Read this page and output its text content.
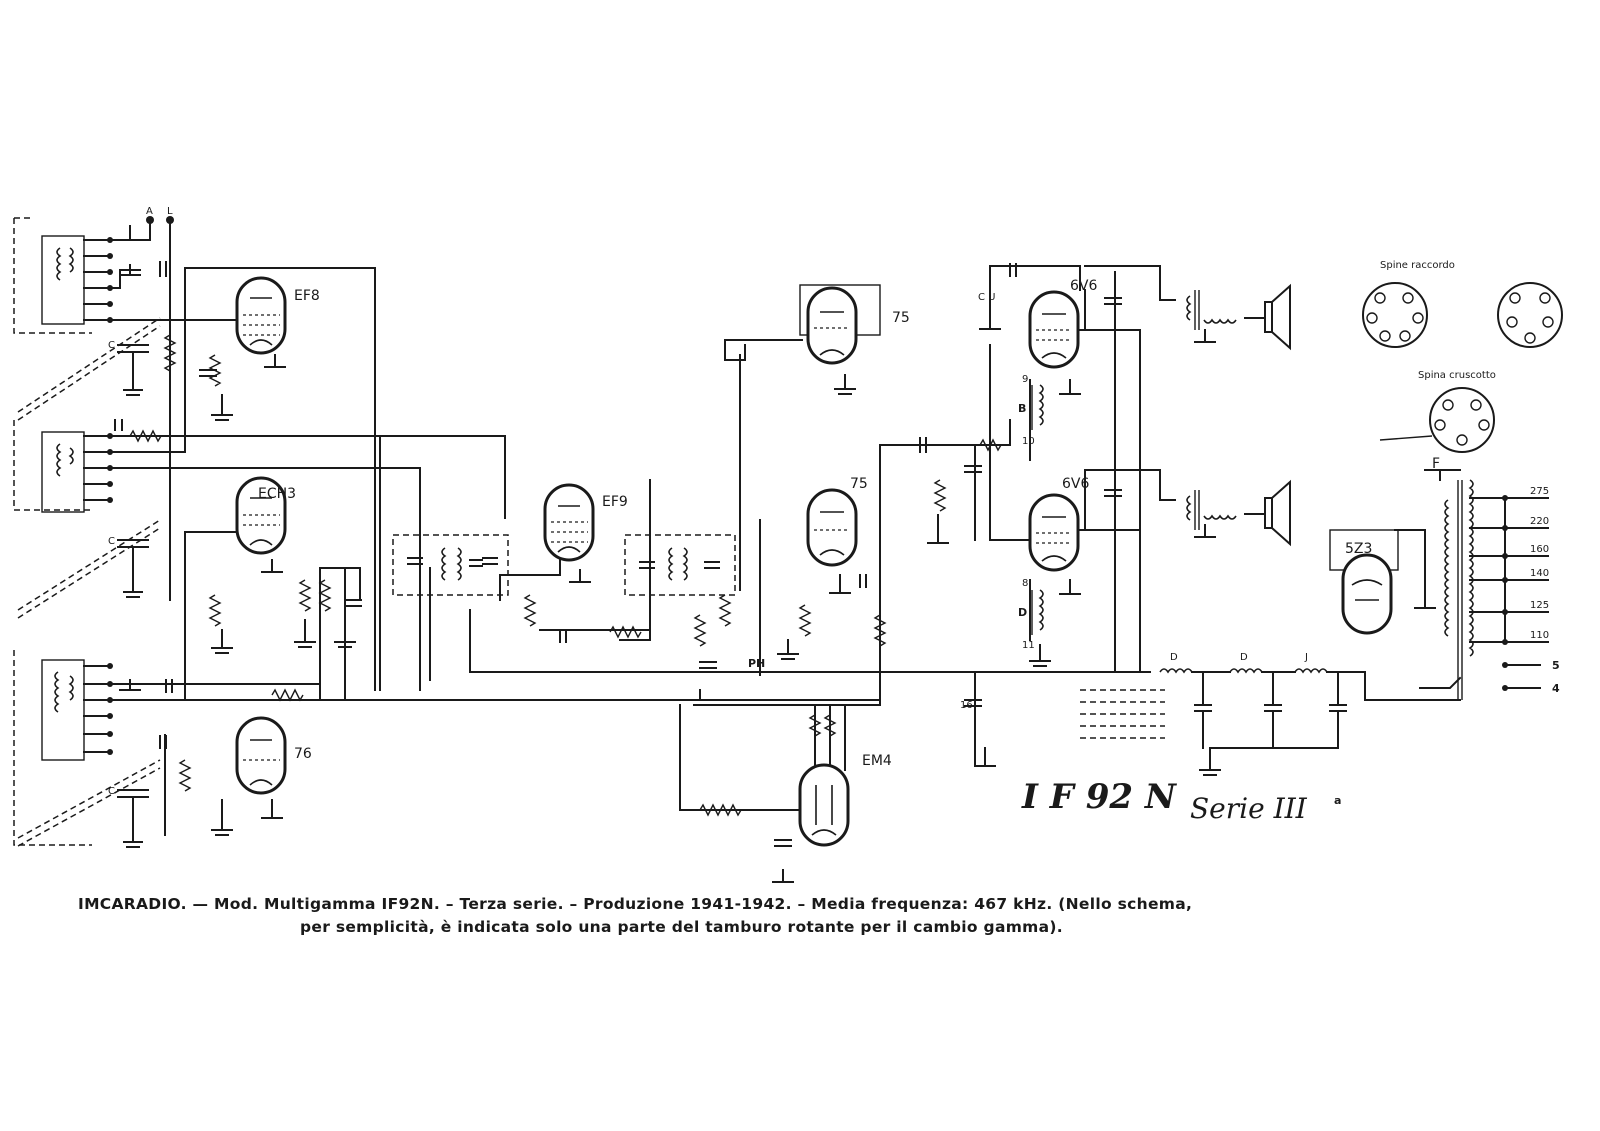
A L
C
C
C
D	D	J
F
5
4
275
220
160
140
125
110
EF8
ECH3
76
EF9
75
75
EM4
6V6
6V6
5Z3
B
9
10
D
8
11
PH
C U
16
Spine raccordo
Spina cruscotto
I F 92 N Serie III a
IMCARADIO. — Mod. Multigamma IF92N. – Terza serie. – Produzione 1941-1942. – Media frequenza: 467 kHz. (Nello schema,
per semplicità, è indicata solo una parte del tamburo rotante per il cambio gamma).
